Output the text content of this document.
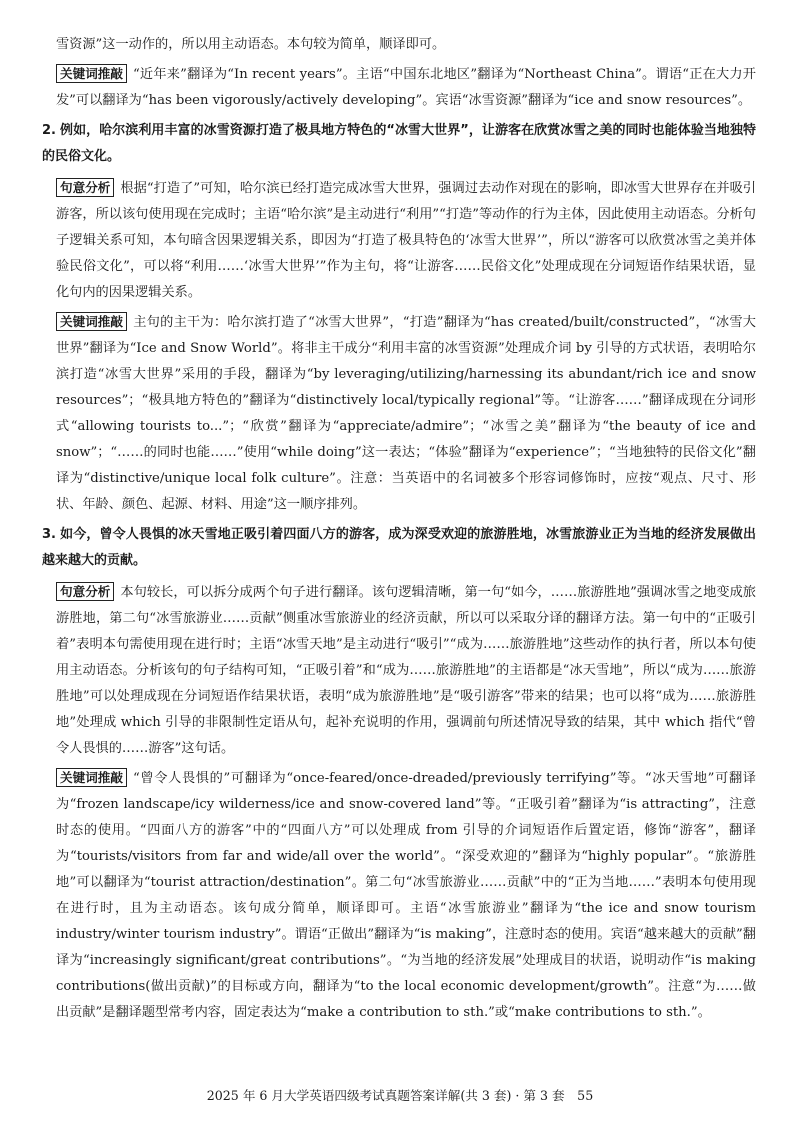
雪资源”这一动作的，所以用主动语态。本句较为简单，顺译即可。

关键词推敲 “近年来”翻译为“In recent years”。主语“中国东北地区”翻译为“Northeast China”。谓语“正在大力开发”可以翻译为“has been vigorously/actively developing”。宾语“冰雪资源”翻译为“ice and snow resources”。

2. 例如，哈尔滨利用丰富的冰雪资源打造了极具地方特色的“冰雪大世界”，让游客在欣赏冰雪之美的同时也能体验当地独特的民俗文化。

句意分析 根据“打造了”可知，哈尔滨已经打造完成冰雪大世界，强调过去动作对现在的影响，即冰雪大世界存在并吸引游客，所以该句使用现在完成时；主语“哈尔滨”是主动进行“利用”“打造”等动作的行为主体，因此使用主动语态。分析句子逻辑关系可知，本句暗含因果逻辑关系，即因为“打造了极具特色的‘冰雪大世界’”，所以“游客可以欣赏冰雪之美并体验民俗文化”，可以将“利用……‘冰雪大世界’”作为主句，将“让游客……民俗文化”处理成现在分词短语作结果状语，显化句内的因果逻辑关系。

关键词推敲 主句的主干为：哈尔滨打造了“冰雪大世界”，“打造”翻译为“has created/built/constructed”，“冰雪大世界”翻译为“Ice and Snow World”。将非主干成分“利用丰富的冰雪资源”处理成介词 by 引导的方式状语，表明哈尔滨打造“冰雪大世界”采用的手段，翻译为“by leveraging/utilizing/harnessing its abundant/rich ice and snow resources”；“极具地方特色的”翻译为“distinctively local/typically regional”等。“让游客……”翻译成现在分词形式“allowing tourists to...”；“欣赏”翻译为“appreciate/admire”；“冰雪之美”翻译为“the beauty of ice and snow”；“……的同时也能……”使用“while doing”这一表达；“体验”翻译为“experience”；“当地独特的民俗文化”翻译为“distinctive/unique local folk culture”。注意：当英语中的名词被多个形容词修饰时，应按“观点、尺寸、形状、年龄、颜色、起源、材料、用途”这一顺序排列。

3. 如今，曾令人畏惧的冰天雪地正吸引着四面八方的游客，成为深受欢迎的旅游胜地，冰雪旅游业正为当地的经济发展做出越来越大的贡献。

句意分析 本句较长，可以拆分成两个句子进行翻译。该句逻辑清晰，第一句“如今，……旅游胜地”强调冰雪之地变成旅游胜地，第二句“冰雪旅游业……贡献”侧重冰雪旅游业的经济贡献，所以可以采取分译的翻译方法。第一句中的“正吸引着”表明本句需使用现在进行时；主语“冰雪天地”是主动进行“吸引”“成为……旅游胜地”这些动作的执行者，所以本句使用主动语态。分析该句的句子结构可知，“正吸引着”和“成为……旅游胜地”的主语都是“冰天雪地”，所以“成为……旅游胜地”可以处理成现在分词短语作结果状语，表明“成为旅游胜地”是“吸引游客”带来的结果；也可以将“成为……旅游胜地”处理成 which 引导的非限制性定语从句，起补充说明的作用，强调前句所述情况导致的结果，其中 which 指代“曾令人畏惧的……游客”这句话。

关键词推敲 “曾令人畏惧的”可翻译为“once-feared/once-dreaded/previously terrifying”等。“冰天雪地”可翻译为“frozen landscape/icy wilderness/ice and snow-covered land”等。“正吸引着”翻译为“is attracting”，注意时态的使用。“四面八方的游客”中的“四面八方”可以处理成 from 引导的介词短语作后置定语，修饰“游客”，翻译为“tourists/visitors from far and wide/all over the world”。“深受欢迎的”翻译为“highly popular”。“旅游胜地”可以翻译为“tourist attraction/destination”。第二句“冰雪旅游业……贡献”中的“正为当地……”表明本句使用现在进行时，且为主动语态。该句成分简单，顺译即可。主语“冰雪旅游业”翻译为“the ice and snow tourism industry/winter tourism industry”。谓语“正做出”翻译为“is making”，注意时态的使用。宾语“越来越大的贡献”翻译为“increasingly significant/great contributions”。“为当地的经济发展”处理成目的状语，说明动作“is making contributions(做出贡献)”的目标或方向，翻译为“to the local economic development/growth”。注意“为……做出贡献”是翻译题型常考内容，固定表达为“make a contribution to sth.”或“make contributions to sth.”。

2025 年 6 月大学英语四级考试真题答案详解(共 3 套) · 第 3 套　55
